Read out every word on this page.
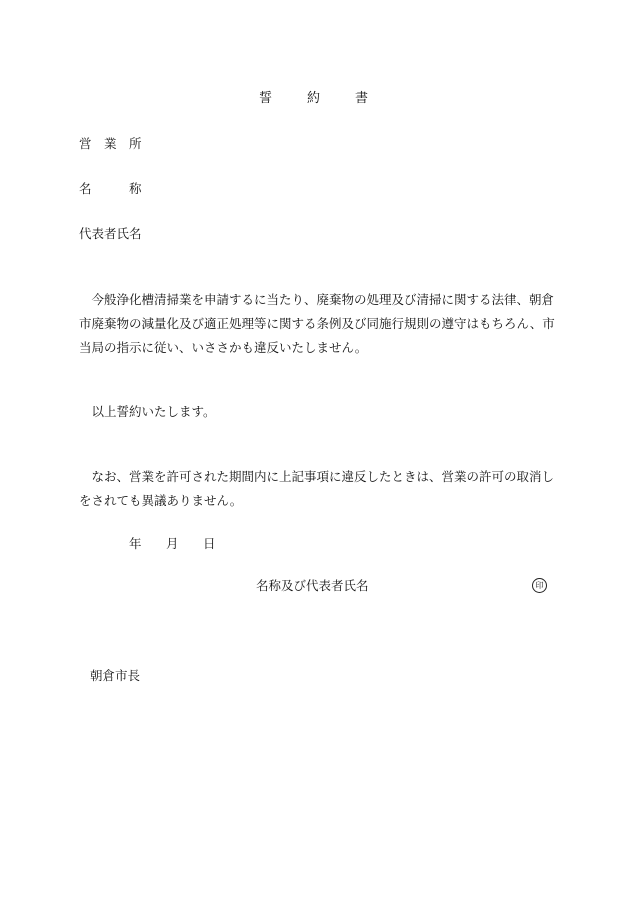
誓　　約　　書
営　業　所
名　　　称
代表者氏名
　今般浄化槽清掃業を申請するに当たり、廃棄物の処理及び清掃に関する法律、朝倉市廃棄物の減量化及び適正処理等に関する条例及び同施行規則の遵守はもちろん、市当局の指示に従い、いささかも違反いたしません。
　以上誓約いたします。
　なお、営業を許可された期間内に上記事項に違反したときは、営業の許可の取消しをされても異議ありません。
年 月 日
名称及び代表者氏名	印
朝倉市長
